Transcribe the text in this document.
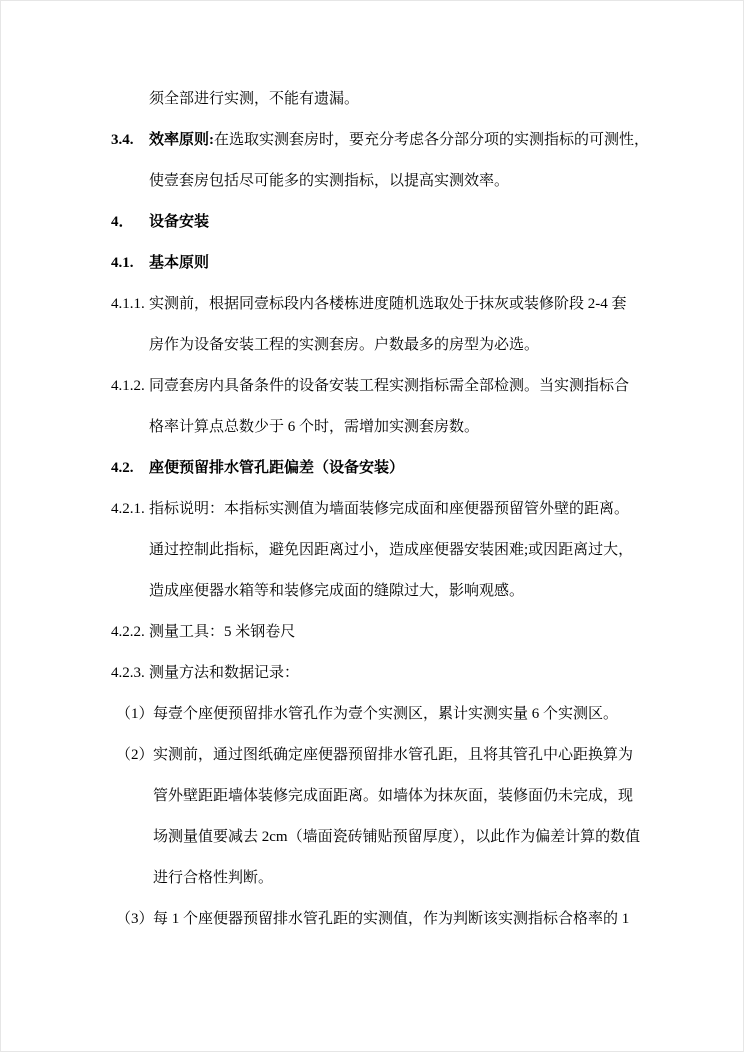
须全部进行实测，不能有遗漏。
3.4. 效率原则:在选取实测套房时，要充分考虑各分部分项的实测指标的可测性，
使壹套房包括尽可能多的实测指标，以提高实测效率。
4． 设备安装
4.1. 基本原则
4.1.1. 实测前，根据同壹标段内各楼栋进度随机选取处于抹灰或装修阶段 2-4 套
房作为设备安装工程的实测套房。户数最多的房型为必选。
4.1.2. 同壹套房内具备条件的设备安装工程实测指标需全部检测。当实测指标合
格率计算点总数少于 6 个时，需增加实测套房数。
4.2. 座便预留排水管孔距偏差（设备安装）
4.2.1. 指标说明：本指标实测值为墙面装修完成面和座便器预留管外壁的距离。
通过控制此指标，避免因距离过小，造成座便器安装困难;或因距离过大，
造成座便器水箱等和装修完成面的缝隙过大，影响观感。
4.2.2. 测量工具：5 米钢卷尺
4.2.3. 测量方法和数据记录：
（1） 每壹个座便预留排水管孔作为壹个实测区，累计实测实量 6 个实测区。
（2） 实测前，通过图纸确定座便器预留排水管孔距，且将其管孔中心距换算为
管外壁距距墙体装修完成面距离。如墙体为抹灰面，装修面仍未完成，现
场测量值要减去 2cm（墙面瓷砖铺贴预留厚度），以此作为偏差计算的数值
进行合格性判断。
（3） 每 1 个座便器预留排水管孔距的实测值，作为判断该实测指标合格率的 1
